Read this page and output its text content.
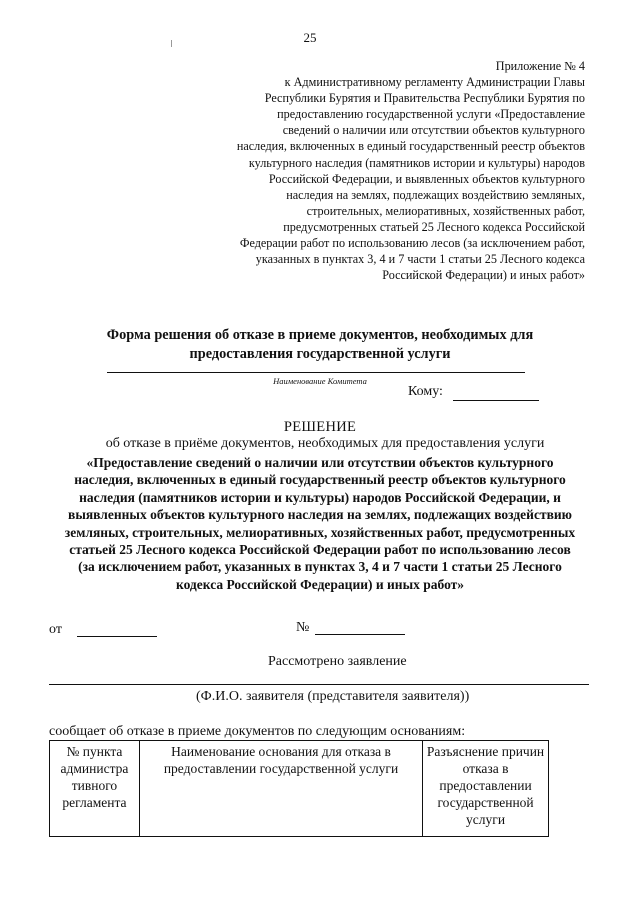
25
Приложение № 4
к Административному регламенту Администрации Главы
Республики Бурятия и Правительства Республики Бурятия по
предоставлению государственной услуги «Предоставление
сведений о наличии или отсутствии объектов культурного
наследия, включенных в единый государственный реестр объектов
культурного наследия (памятников истории и культуры) народов
Российской Федерации, и выявленных объектов культурного
наследия на землях, подлежащих воздействию земляных,
строительных, мелиоративных, хозяйственных работ,
предусмотренных статьей 25 Лесного кодекса Российской
Федерации работ по использованию лесов (за исключением работ,
указанных в пунктах 3, 4 и 7 части 1 статьи 25 Лесного кодекса
Российской Федерации) и иных работ»
Форма решения об отказе в приеме документов, необходимых для
предоставления государственной услуги
Наименование Комитета
Кому:
РЕШЕНИЕ
об отказе в приёме документов, необходимых для предоставления услуги
«Предоставление сведений о наличии или отсутствии объектов культурного
наследия, включенных в единый государственный реестр объектов культурного
наследия (памятников истории и культуры) народов Российской Федерации, и
выявленных объектов культурного наследия на землях, подлежащих воздействию
земляных, строительных, мелиоративных, хозяйственных работ, предусмотренных
статьей 25 Лесного кодекса Российской Федерации работ по использованию лесов
(за исключением работ, указанных в пунктах 3, 4 и 7 части 1 статьи 25 Лесного
кодекса Российской Федерации) и иных работ»
от	№
Рассмотрено заявление
(Ф.И.О. заявителя (представителя заявителя))
сообщает об отказе в приеме документов по следующим основаниям:
№ пункта администра тивного регламента	Наименование основания для отказа в предоставлении государственной услуги	Разъяснение причин отказа в предоставлении государственной услуги
